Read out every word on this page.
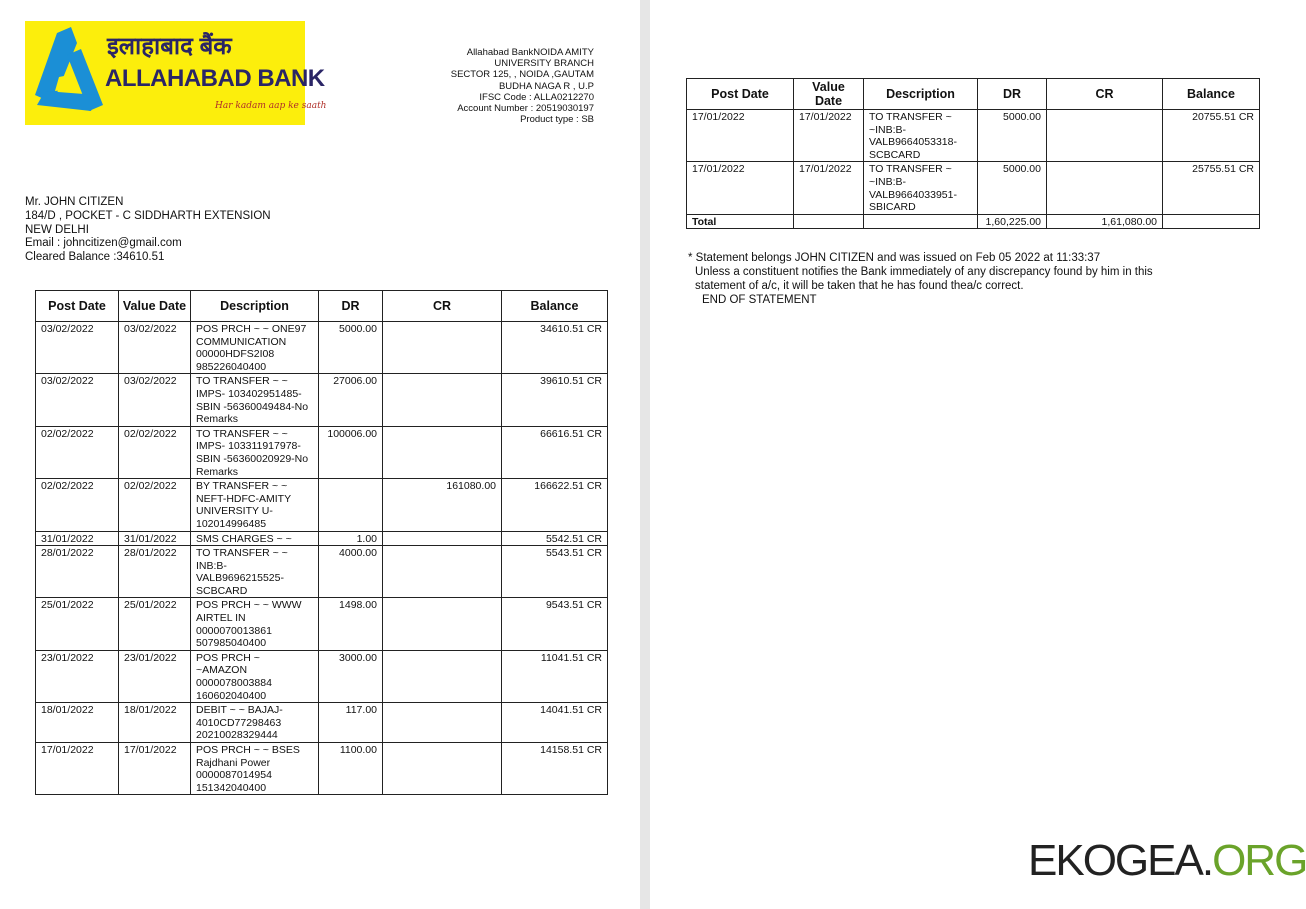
इलाहाबाद बैंक
ALLAHABAD BANK
Har kadam aap ke saath
Allahabad BankNOIDA AMITY
UNIVERSITY BRANCH
SECTOR 125, , NOIDA ,GAUTAM
BUDHA NAGA R , U.P
IFSC Code : ALLA0212270
Account Number : 20519030197
Product type : SB
Mr. JOHN CITIZEN
184/D , POCKET - C SIDDHARTH EXTENSION
NEW DELHI
Email : johncitizen@gmail.com
Cleared Balance :34610.51
Post Date	Value Date	Description	DR	CR	Balance
03/02/2022	03/02/2022	POS PRCH ~ ~ ONE97 COMMUNICATION 00000HDFS2I08 985226040400	5000.00		34610.51 CR
03/02/2022	03/02/2022	TO TRANSFER ~ ~ IMPS- 103402951485- SBIN -56360049484-No Remarks	27006.00		39610.51 CR
02/02/2022	02/02/2022	TO TRANSFER ~ ~ IMPS- 103311917978- SBIN -56360020929-No Remarks	100006.00		66616.51 CR
02/02/2022	02/02/2022	BY TRANSFER ~ ~ NEFT-HDFC-AMITY UNIVERSITY U- 102014996485		161080.00	166622.51 CR
31/01/2022	31/01/2022	SMS CHARGES ~ ~	1.00		5542.51 CR
28/01/2022	28/01/2022	TO TRANSFER ~ ~ INB:B- VALB9696215525- SCBCARD	4000.00		5543.51 CR
25/01/2022	25/01/2022	POS PRCH ~ ~ WWW AIRTEL IN 0000070013861 507985040400	1498.00		9543.51 CR
23/01/2022	23/01/2022	POS PRCH ~ ~AMAZON 0000078003884 160602040400	3000.00		11041.51 CR
18/01/2022	18/01/2022	DEBIT ~ ~ BAJAJ- 4010CD77298463 20210028329444	117.00		14041.51 CR
17/01/2022	17/01/2022	POS PRCH ~ ~ BSES Rajdhani Power 0000087014954 151342040400	1100.00		14158.51 CR
* Statement belongs JOHN CITIZEN and was issued on Feb 05 2022 at 11:33:37
Unless a constituent notifies the Bank immediately of any discrepancy found by him in this
statement of a/c, it will be taken that he has found thea/c correct.
END OF STATEMENT
Post Date	Value Date	Description	DR	CR	Balance
17/01/2022	17/01/2022	TO TRANSFER ~ ~INB:B- VALB9664053318- SCBCARD	5000.00		20755.51 CR
17/01/2022	17/01/2022	TO TRANSFER ~ ~INB:B- VALB9664033951- SBICARD	5000.00		25755.51 CR
Total			1,60,225.00	1,61,080.00	
EKOGEA.ORG
